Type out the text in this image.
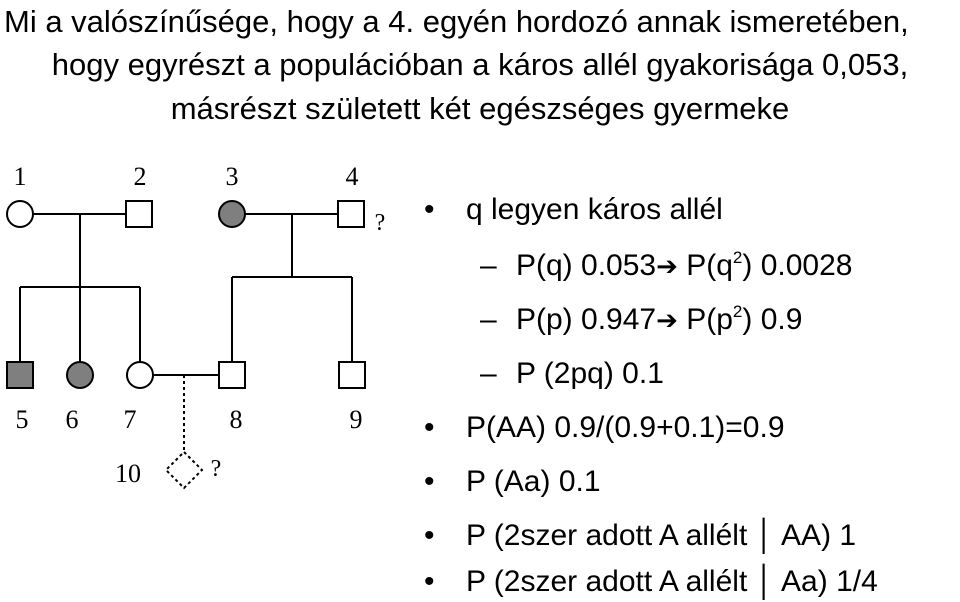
Mi a valószínűsége, hogy a 4. egyén hordozó annak ismeretében,
hogy egyrészt a populációban a káros allél gyakorisága 0,053,
másrészt született két egészséges gyermeke
1	2	3	4
?
5 6 7	8	9
10	?
• q legyen káros allél
– P(q) 0.053➔ $P(q^2)$ 0.0028
– P(p) 0.947➔ $P(p^2)$ 0.9
– P (2pq) 0.1
• P(AA) 0.9/(0.9+0.1)=0.9
• P (Aa) 0.1
• P (2szer adott A allélt │ AA) 1
• P (2szer adott A allélt │ Aa) 1/4
